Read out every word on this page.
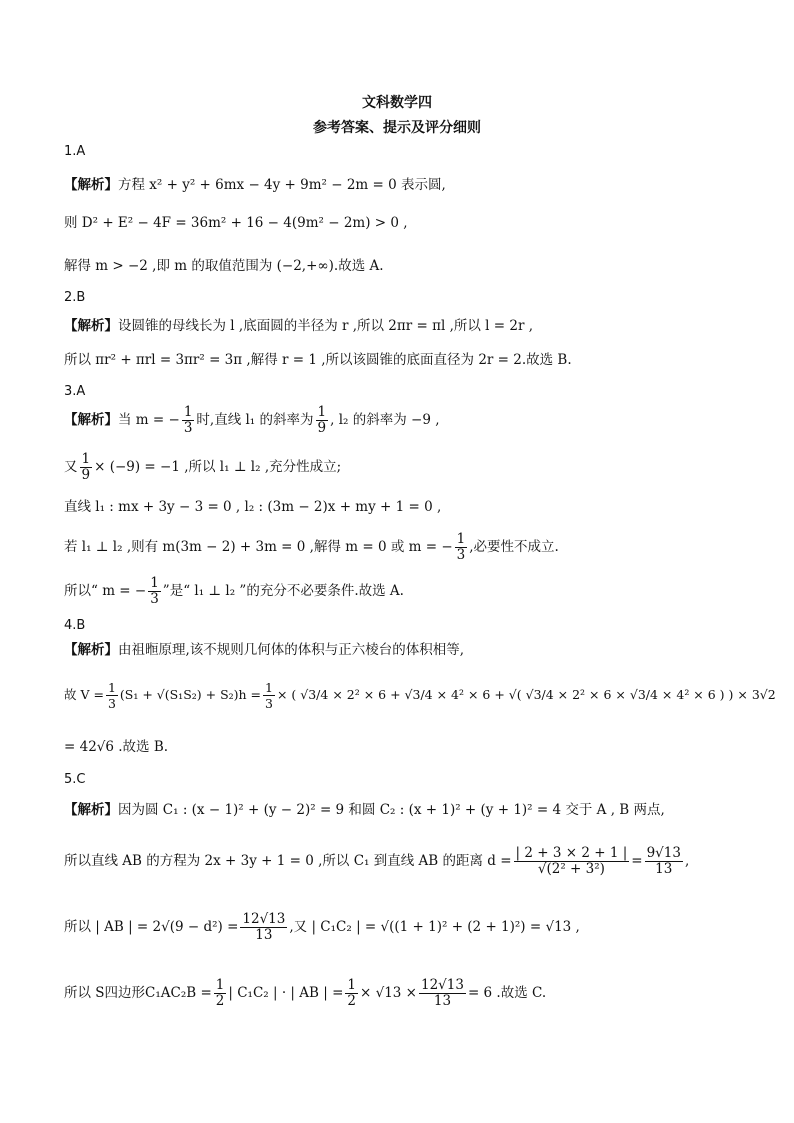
文科数学四
参考答案、提示及评分细则
1.A
【解析】方程 x² + y² + 6mx − 4y + 9m² − 2m = 0 表示圆,
则 D² + E² − 4F = 36m² + 16 − 4(9m² − 2m) > 0 ,
解得 m > −2 ,即 m 的取值范围为 (−2,+∞).故选 A.
2.B
【解析】设圆锥的母线长为 l ,底面圆的半径为 r ,所以 2πr = πl ,所以 l = 2r ,
所以 πr² + πrl = 3πr² = 3π ,解得 r = 1 ,所以该圆锥的底面直径为 2r = 2.故选 B.
3.A
【解析】当 m = − $\frac{1}{3}$ 时,直线 l₁ 的斜率为 $\frac{1}{9}$ , l₂ 的斜率为 −9 ,
又 $\frac{1}{9} \times (-9) = -1$ ,所以 l₁ ⊥ l₂ ,充分性成立;
直线 l₁ : mx + 3y − 3 = 0 , l₂ : (3m − 2)x + my + 1 = 0 ,
若 l₁ ⊥ l₂ ,则有 m(3m − 2) + 3m = 0 ,解得 m = 0 或 m = − $\frac{1}{3}$ ,必要性不成立.
所以“ m = − $\frac{1}{3}$ ”是“ l₁ ⊥ l₂ ”的充分不必要条件.故选 A.
4.B
【解析】由祖暅原理,该不规则几何体的体积与正六棱台的体积相等,
故 $V = \frac{1}{3} (S_1 + √(S_1S_2) + S_2)h = \frac{1}{3}$ × ( √3/4 × 2² × 6 + √3/4 × 4² × 6 + √( √3/4 × 2² × 6 × √3/4 × 4² × 6 ) ) × 3√2
= 42√6 .故选 B.
5.C
【解析】因为圆 C₁ : (x − 1)² + (y − 2)² = 9 和圆 C₂ : (x + 1)² + (y + 1)² = 4 交于 A , B 两点,
所以直线 AB 的方程为 2x + 3y + 1 = 0 ,所以 C₁ 到直线 AB 的距离 $d = \frac{| 2 + 3 \times 2 + 1 |}{\text{√(2² + 3²)}} = \frac{9√13}{13}$ ,
所以 | AB | = $2√(9 - d^2) = \frac{12√13}{13}$ ,又 | C₁C₂ | = √((1 + 1)² + (2 + 1)²) = √13 ,
所以 S四边形$C_1AC_2B = \frac{1}{2}$ | C₁C₂ | · | AB | = $\frac{1}{2} \times √13 \times \frac{12√13}{13} = 6$ .故选 C.
